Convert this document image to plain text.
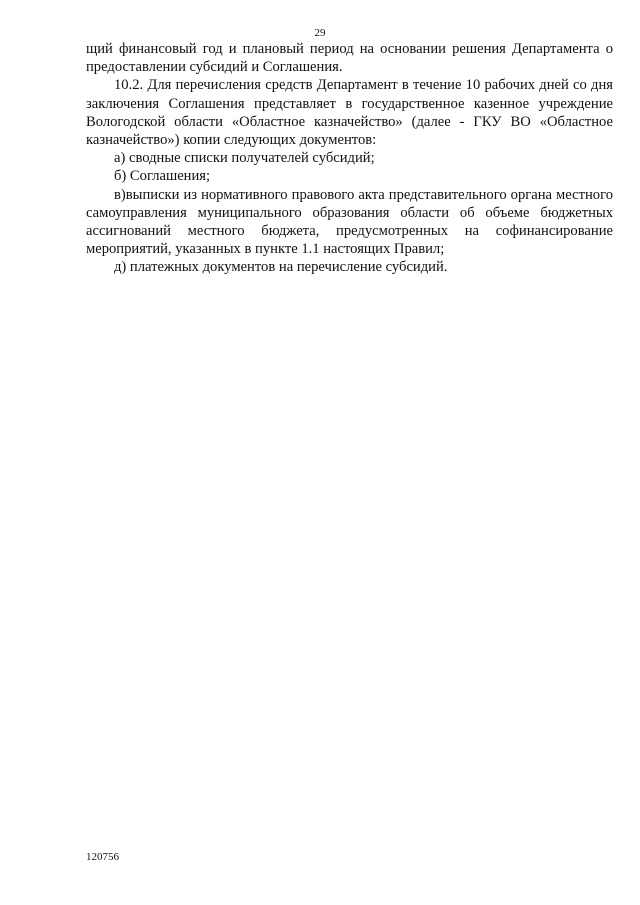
29

щий финансовый год и плановый период на основании решения Департамента о предоставлении субсидий и Соглашения.

10.2. Для перечисления средств Департамент в течение 10 рабочих дней со дня заключения Соглашения представляет в государственное казенное учреждение Вологодской области «Областное казначейство» (далее - ГКУ ВО «Областное казначейство») копии следующих документов:

а) сводные списки получателей субсидий;

б) Соглашения;

в)выписки из нормативного правового акта представительного органа местного самоуправления муниципального образования области об объеме бюджетных ассигнований местного бюджета, предусмотренных на софинансирование мероприятий, указанных в пункте 1.1 настоящих Правил;

д) платежных документов на перечисление субсидий.

120756
